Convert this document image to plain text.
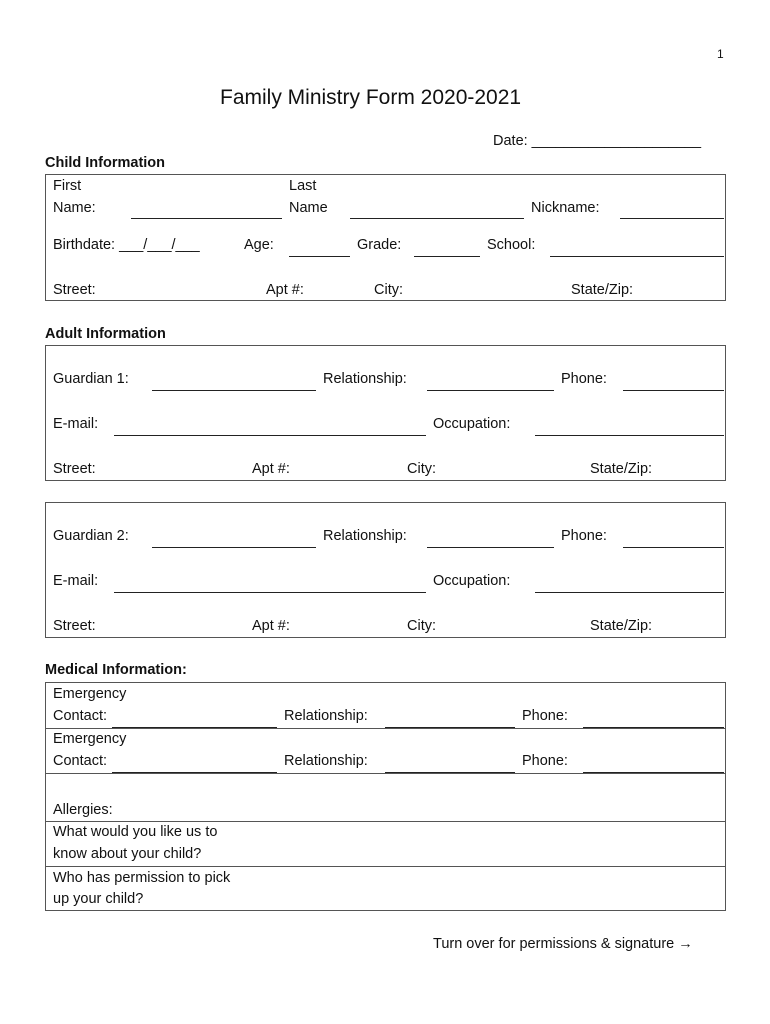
1
Family Ministry Form 2020-2021
Date: _____________________
Child Information
First
Name:
Last
Name	Nickname:
Birthdate: ___/___/___	Age:	Grade:	School:
Street:	Apt #:	City:	State/Zip:
Adult Information
Guardian 1:	Relationship:	Phone:
E-mail:	Occupation:
Street:	Apt #:	City:	State/Zip:
Guardian 2:	Relationship:	Phone:
E-mail:	Occupation:
Street:	Apt #:	City:	State/Zip:
Medical Information:
Emergency
Contact:	Relationship:	Phone:
Emergency
Contact:	Relationship:	Phone:
Allergies:
What would you like us to
know about your child?
Who has permission to pick
up your child?
Turn over for permissions & signature →
